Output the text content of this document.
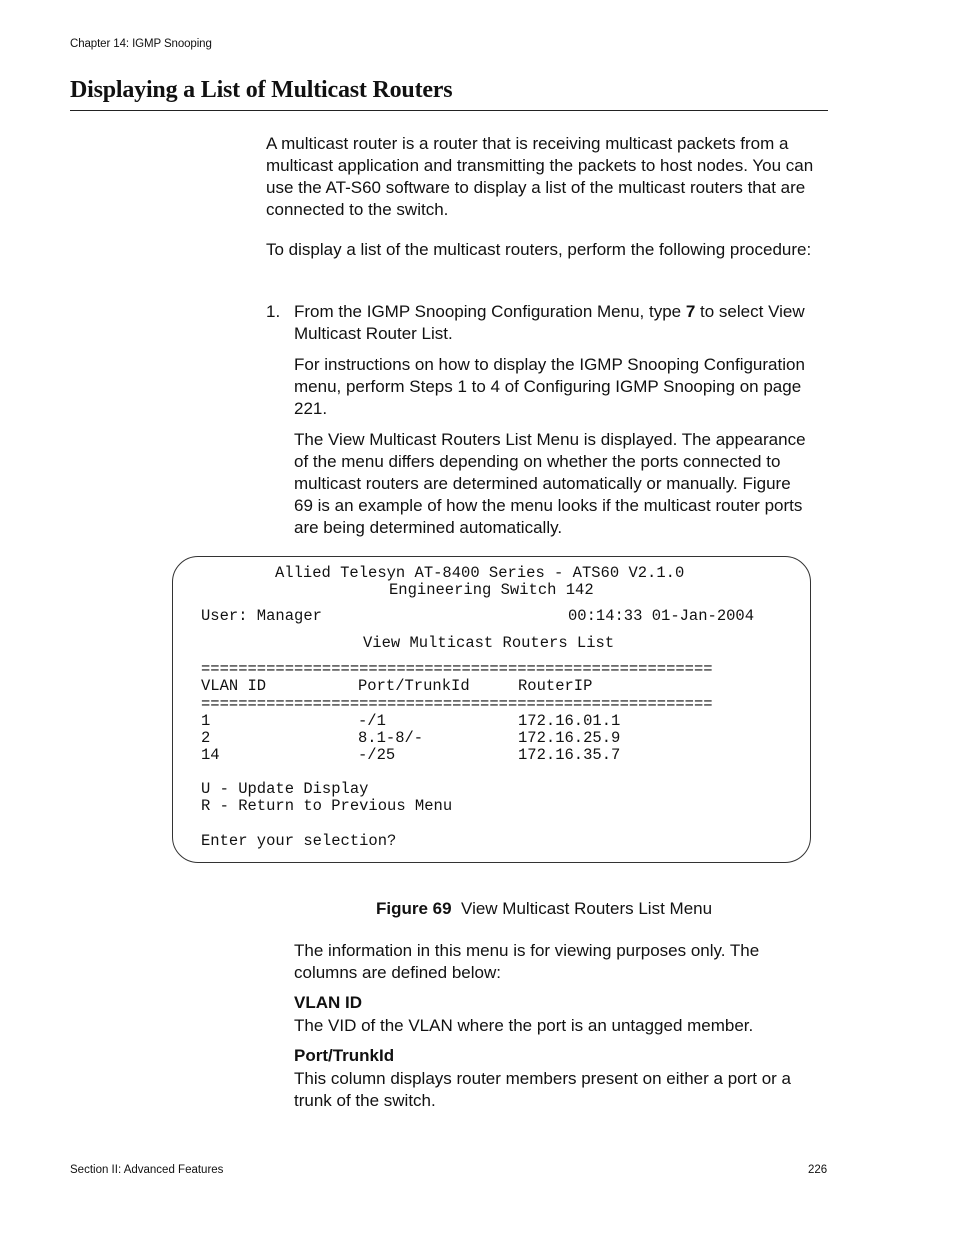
Chapter 14: IGMP Snooping
Displaying a List of Multicast Routers
A multicast router is a router that is receiving multicast packets from a multicast application and transmitting the packets to host nodes. You can use the AT-S60 software to display a list of the multicast routers that are connected to the switch.
To display a list of the multicast routers, perform the following procedure:
1. From the IGMP Snooping Configuration Menu, type 7 to select View Multicast Router List.
For instructions on how to display the IGMP Snooping Configuration menu, perform Steps 1 to 4 of Configuring IGMP Snooping on page 221.
The View Multicast Routers List Menu is displayed. The appearance of the menu differs depending on whether the ports connected to multicast routers are determined automatically or manually. Figure 69 is an example of how the menu looks if the multicast router ports are being determined automatically.
Allied Telesyn AT-8400 Series - ATS60 V2.1.0
Engineering Switch 142
User: Manager	00:14:33 01-Jan-2004
View Multicast Routers List
=======================================================
VLAN ID	Port/TrunkId	RouterIP
=======================================================
1	-/1	172.16.01.1
2	8.1-8/-	172.16.25.9
14	-/25	172.16.35.7
U - Update Display
R - Return to Previous Menu
Enter your selection?
Figure 69 View Multicast Routers List Menu
The information in this menu is for viewing purposes only. The columns are defined below:
VLAN ID
The VID of the VLAN where the port is an untagged member.
Port/TrunkId
This column displays router members present on either a port or a trunk of the switch.
Section II: Advanced Features	226
